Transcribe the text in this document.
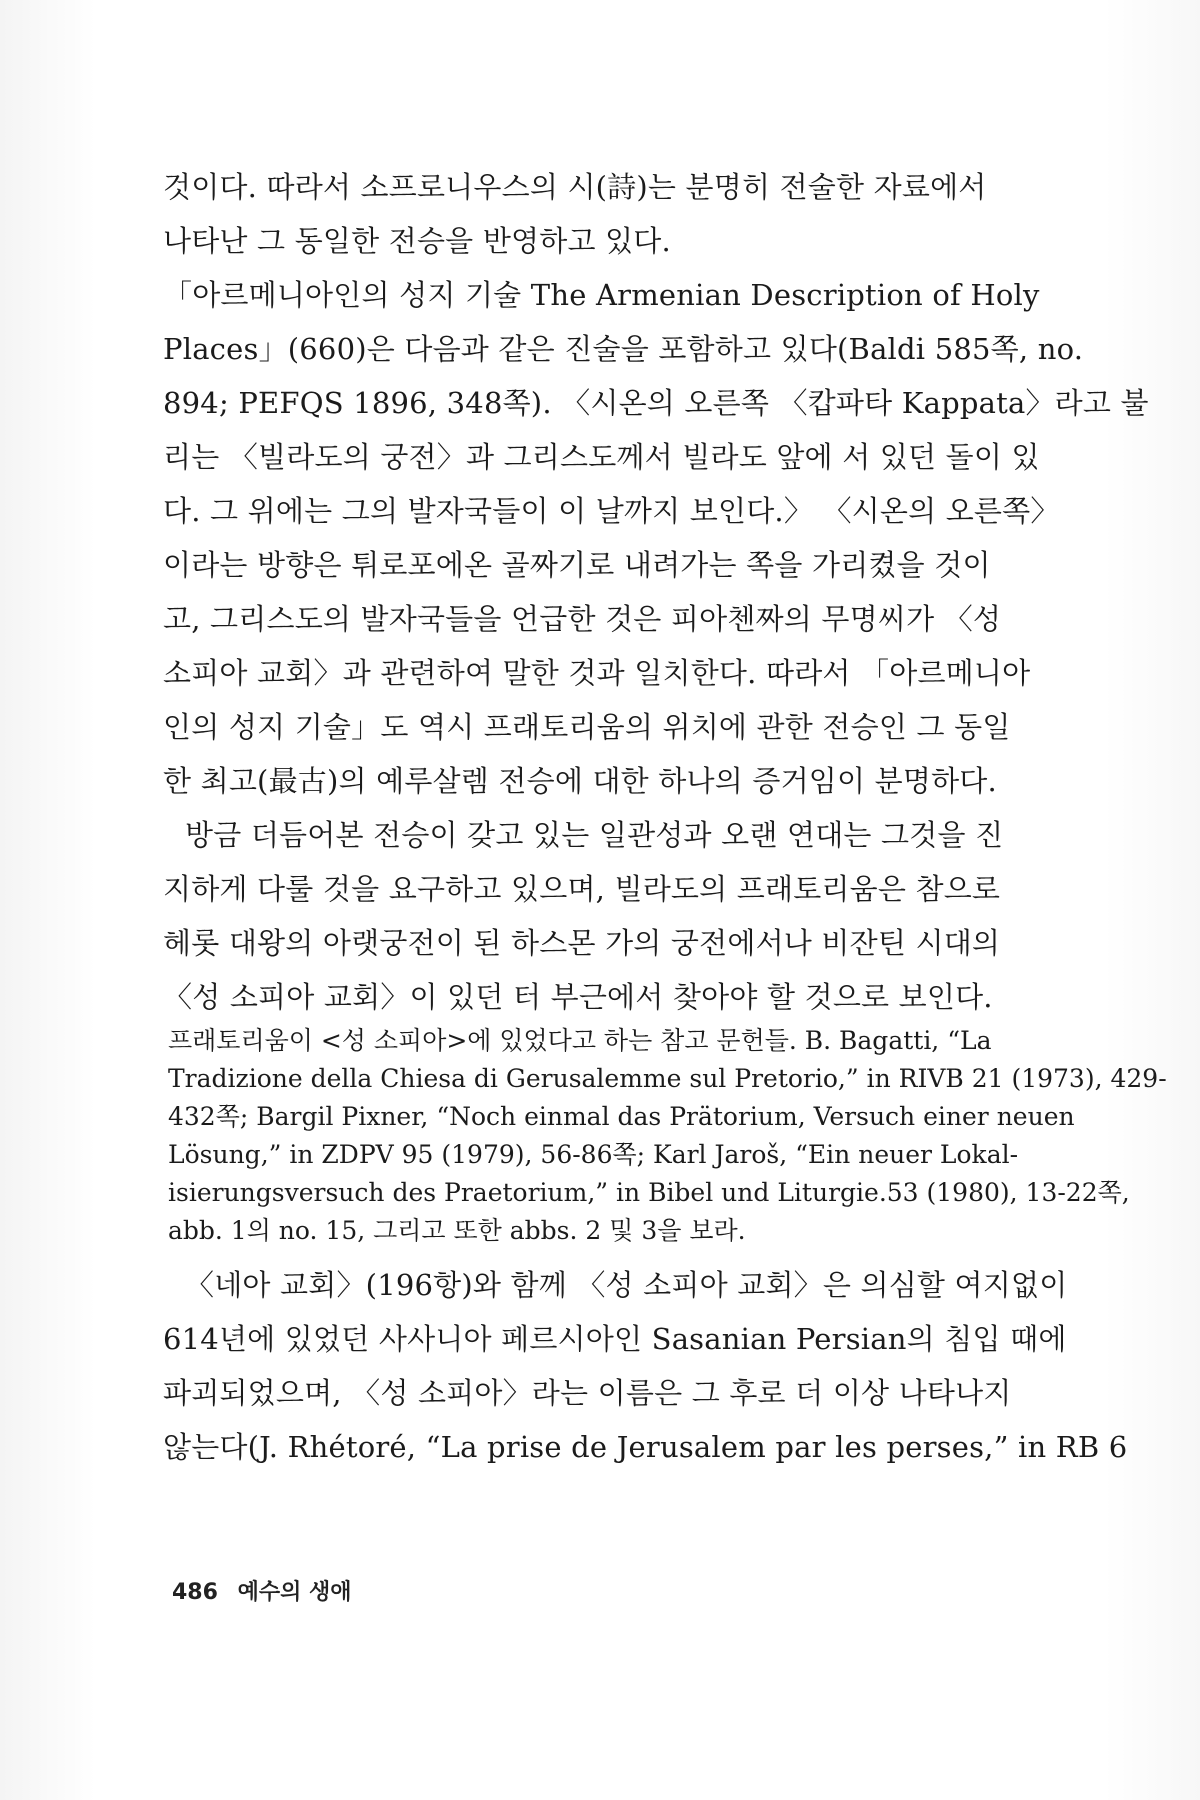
것이다. 따라서 소프로니우스의 시(詩)는 분명히 전술한 자료에서
나타난 그 동일한 전승을 반영하고 있다.
「아르메니아인의 성지 기술 The Armenian Description of Holy
Places」(660)은 다음과 같은 진술을 포함하고 있다(Baldi 585쪽, no.
894; PEFQS 1896, 348쪽). 〈시온의 오른쪽 〈캅파타 Kappata〉라고 불
리는 〈빌라도의 궁전〉과 그리스도께서 빌라도 앞에 서 있던 돌이 있
다. 그 위에는 그의 발자국들이 이 날까지 보인다.〉 〈시온의 오른쪽〉
이라는 방향은 튀로포에온 골짜기로 내려가는 쪽을 가리켰을 것이
고, 그리스도의 발자국들을 언급한 것은 피아첸짜의 무명씨가 〈성
소피아 교회〉과 관련하여 말한 것과 일치한다. 따라서 「아르메니아
인의 성지 기술」도 역시 프래토리움의 위치에 관한 전승인 그 동일
한 최고(最古)의 예루살렘 전승에 대한 하나의 증거임이 분명하다.
방금 더듬어본 전승이 갖고 있는 일관성과 오랜 연대는 그것을 진
지하게 다룰 것을 요구하고 있으며, 빌라도의 프래토리움은 참으로
헤롯 대왕의 아랫궁전이 된 하스몬 가의 궁전에서나 비잔틴 시대의
〈성 소피아 교회〉이 있던 터 부근에서 찾아야 할 것으로 보인다.
프래토리움이 <성 소피아>에 있었다고 하는 참고 문헌들. B. Bagatti, “La
Tradizione della Chiesa di Gerusalemme sul Pretorio,” in RIVB 21 (1973), 429-
432쪽; Bargil Pixner, “Noch einmal das Prätorium, Versuch einer neuen
Lösung,” in ZDPV 95 (1979), 56-86쪽; Karl Jaroš, “Ein neuer Lokal-
isierungsversuch des Praetorium,” in Bibel und Liturgie.53 (1980), 13-22쪽,
abb. 1의 no. 15, 그리고 또한 abbs. 2 및 3을 보라.
〈네아 교회〉(196항)와 함께 〈성 소피아 교회〉은 의심할 여지없이
614년에 있었던 사사니아 페르시아인 Sasanian Persian의 침입 때에
파괴되었으며, 〈성 소피아〉라는 이름은 그 후로 더 이상 나타나지
않는다(J. Rhétoré, “La prise de Jerusalem par les perses,” in RB 6
486 예수의 생애
